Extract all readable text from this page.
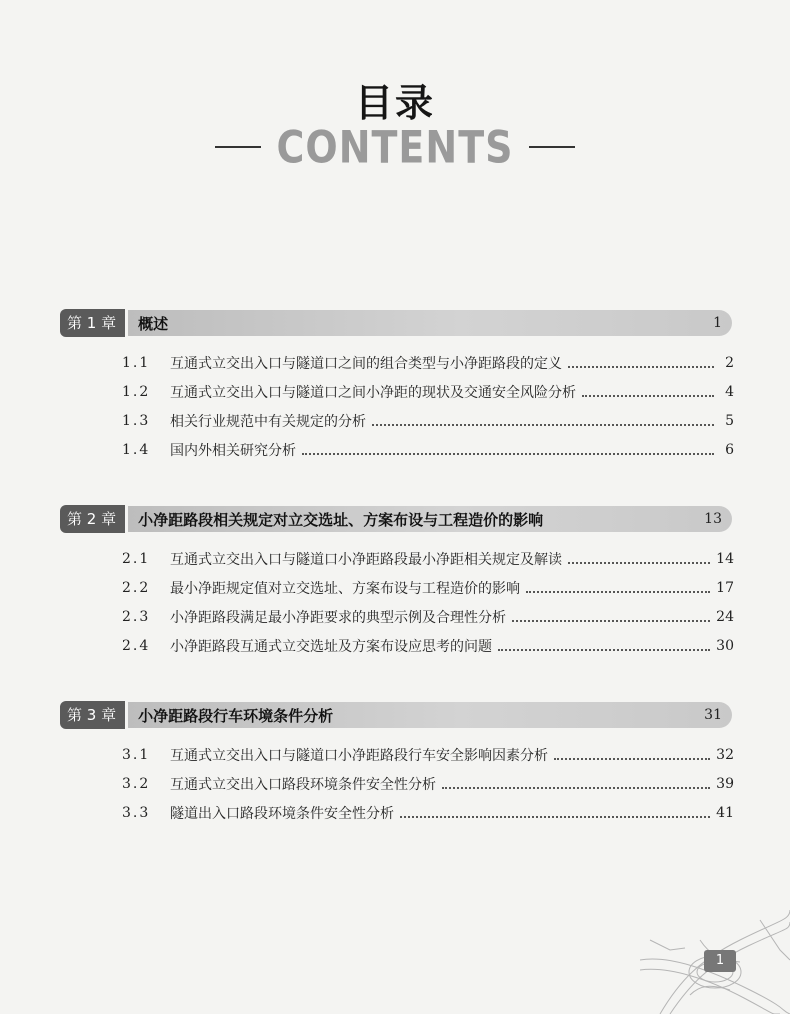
目录
CONTENTS
第 1 章	概述	1
1.1	互通式立交出入口与隧道口之间的组合类型与小净距路段的定义	2
1.2	互通式立交出入口与隧道口之间小净距的现状及交通安全风险分析	4
1.3	相关行业规范中有关规定的分析	5
1.4	国内外相关研究分析	6
第 2 章	小净距路段相关规定对立交选址、方案布设与工程造价的影响	13
2.1	互通式立交出入口与隧道口小净距路段最小净距相关规定及解读	14
2.2	最小净距规定值对立交选址、方案布设与工程造价的影响	17
2.3	小净距路段满足最小净距要求的典型示例及合理性分析	24
2.4	小净距路段互通式立交选址及方案布设应思考的问题	30
第 3 章	小净距路段行车环境条件分析	31
3.1	互通式立交出入口与隧道口小净距路段行车安全影响因素分析	32
3.2	互通式立交出入口路段环境条件安全性分析	39
3.3	隧道出入口路段环境条件安全性分析	41
1
